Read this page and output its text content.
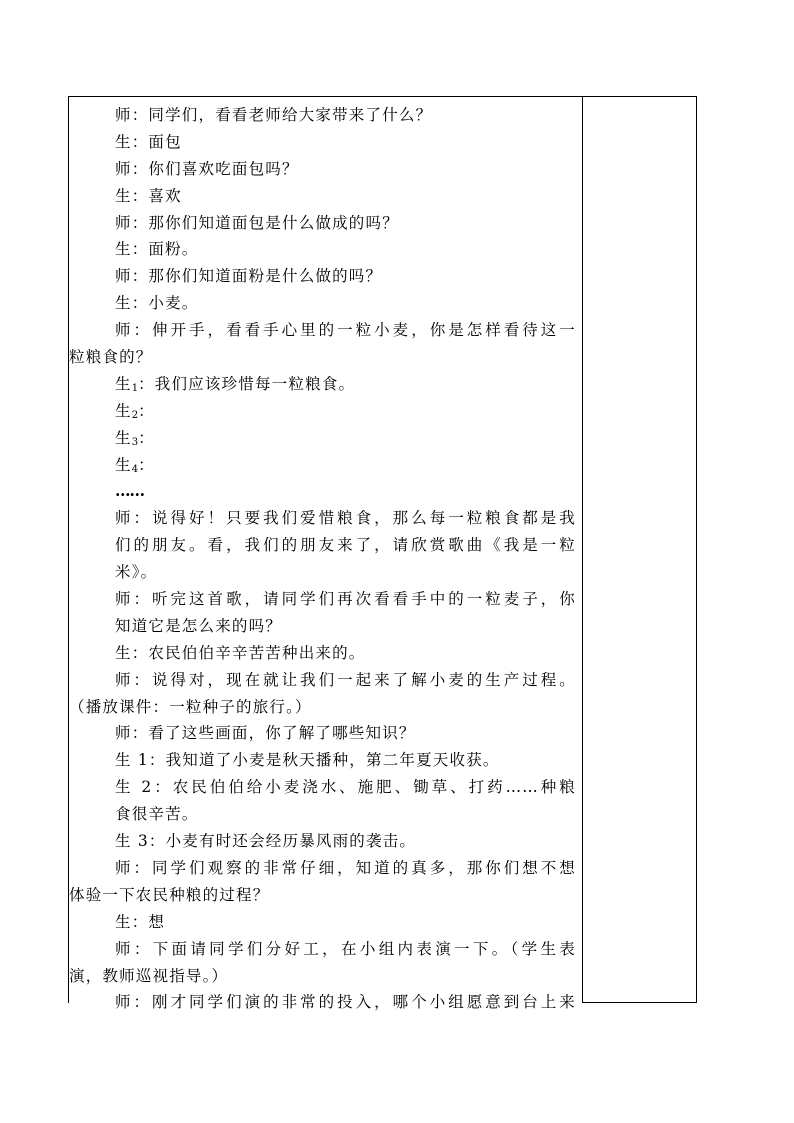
师：同学们，看看老师给大家带来了什么？
生：面包
师：你们喜欢吃面包吗？
生：喜欢
师：那你们知道面包是什么做成的吗？
生：面粉。
师：那你们知道面粉是什么做的吗？
生：小麦。
师：伸开手，看看手心里的一粒小麦，你是怎样看待这一
粒粮食的？
生$_1$：我们应该珍惜每一粒粮食。
生$_2$：
生$_3$：
生$_4$：
……
师：说得好！只要我们爱惜粮食，那么每一粒粮食都是我
们的朋友。看，我们的朋友来了，请欣赏歌曲《我是一粒
米》。
师：听完这首歌，请同学们再次看看手中的一粒麦子，你
知道它是怎么来的吗？
生：农民伯伯辛辛苦苦种出来的。
师：说得对，现在就让我们一起来了解小麦的生产过程。
（播放课件：一粒种子的旅行。）
师：看了这些画面，你了解了哪些知识？
生 1：我知道了小麦是秋天播种，第二年夏天收获。
生 2：农民伯伯给小麦浇水、施肥、锄草、打药……种粮
食很辛苦。
生 3：小麦有时还会经历暴风雨的袭击。
师：同学们观察的非常仔细，知道的真多，那你们想不想
体验一下农民种粮的过程？
生：想
师：下面请同学们分好工，在小组内表演一下。（学生表
演，教师巡视指导。）
师：刚才同学们演的非常的投入，哪个小组愿意到台上来
